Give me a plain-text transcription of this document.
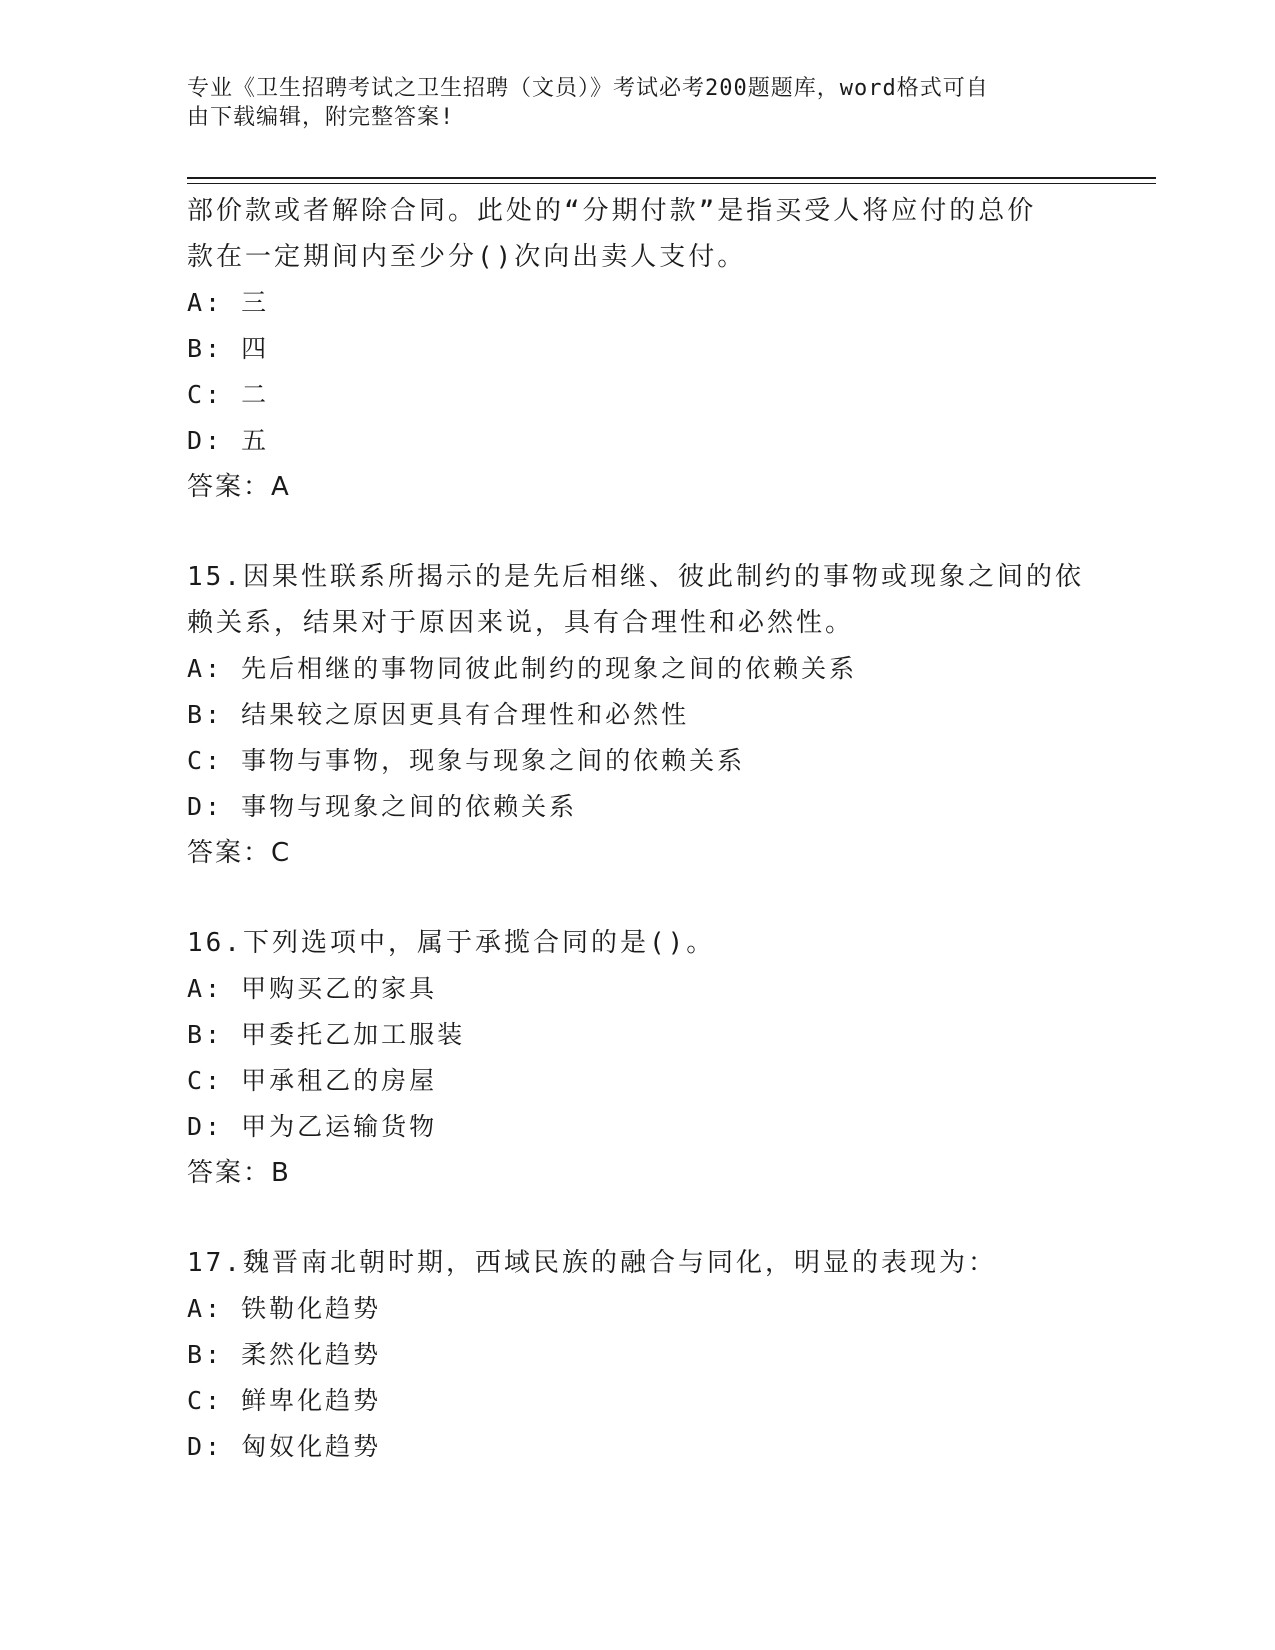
专业《卫生招聘考试之卫生招聘（文员）》考试必考200题题库，word格式可自
由下载编辑，附完整答案!
部价款或者解除合同。此处的“分期付款”是指买受人将应付的总价
款在一定期间内至少分()次向出卖人支付。
A: 三
B: 四
C: 二
D: 五
答案：A
15.因果性联系所揭示的是先后相继、彼此制约的事物或现象之间的依
赖关系，结果对于原因来说，具有合理性和必然性。
A: 先后相继的事物同彼此制约的现象之间的依赖关系
B: 结果较之原因更具有合理性和必然性
C: 事物与事物，现象与现象之间的依赖关系
D: 事物与现象之间的依赖关系
答案：C
16.下列选项中，属于承揽合同的是()。
A: 甲购买乙的家具
B: 甲委托乙加工服装
C: 甲承租乙的房屋
D: 甲为乙运输货物
答案：B
17.魏晋南北朝时期，西域民族的融合与同化，明显的表现为：
A: 铁勒化趋势
B: 柔然化趋势
C: 鲜卑化趋势
D: 匈奴化趋势
